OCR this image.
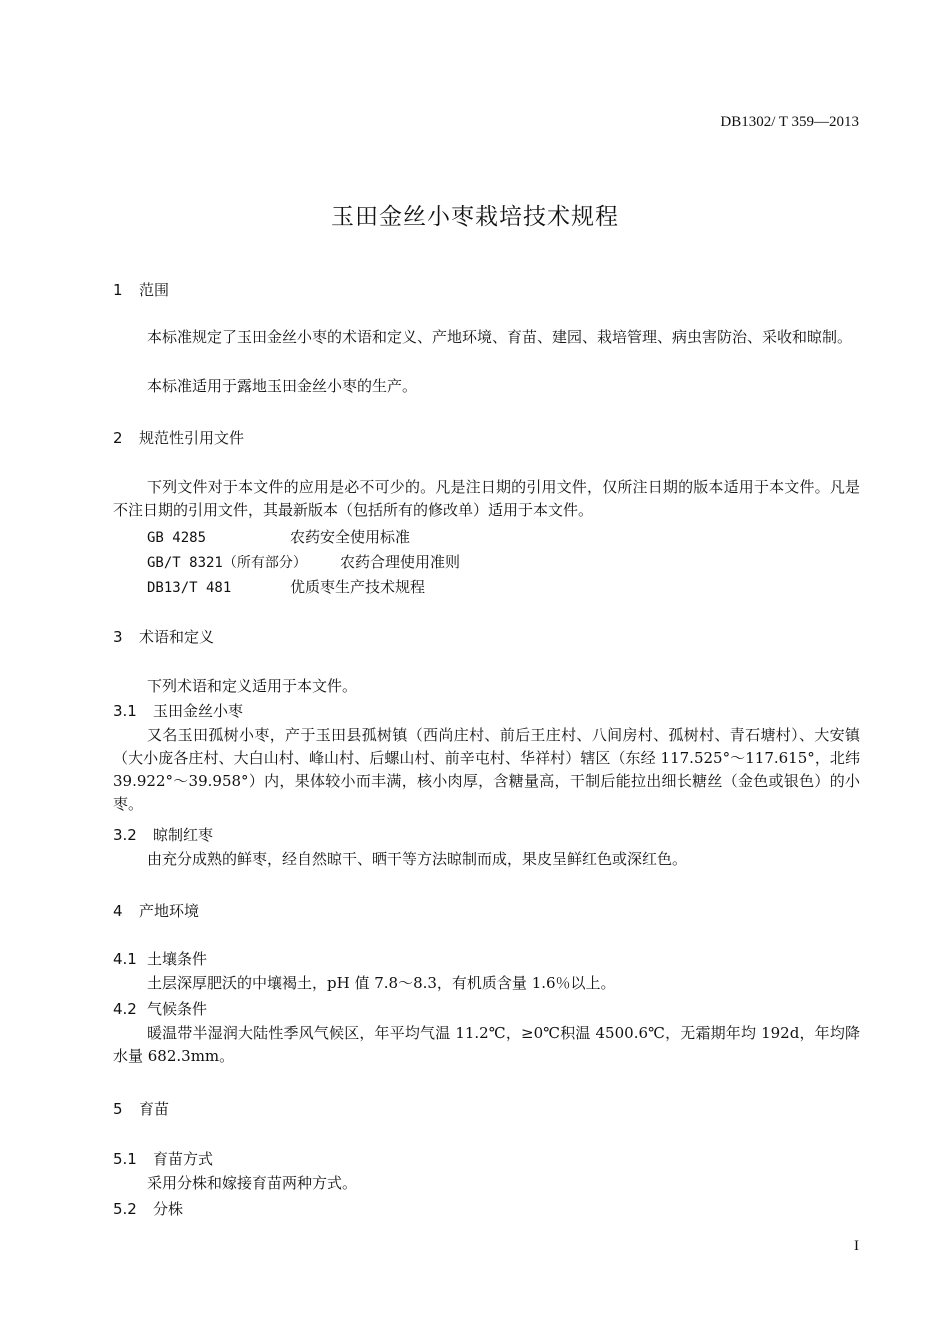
DB1302/ T 359—2013
玉田金丝小枣栽培技术规程
1 范围
本标准规定了玉田金丝小枣的术语和定义、产地环境、育苗、建园、栽培管理、病虫害防治、采收和晾制。
本标准适用于露地玉田金丝小枣的生产。
2 规范性引用文件
下列文件对于本文件的应用是必不可少的。凡是注日期的引用文件，仅所注日期的版本适用于本文件。凡是不注日期的引用文件，其最新版本（包括所有的修改单）适用于本文件。
GB 4285	农药安全使用标准
GB/T 8321（所有部分） 农药合理使用准则
DB13/T 481	优质枣生产技术规程
3 术语和定义
下列术语和定义适用于本文件。
3.1 玉田金丝小枣
又名玉田孤树小枣，产于玉田县孤树镇（西尚庄村、前后王庄村、八间房村、孤树村、青石塘村）、大安镇（大小庞各庄村、大白山村、峰山村、后螺山村、前辛屯村、华祥村）辖区（东经 117.525°～117.615°，北纬 39.922°～39.958°）内，果体较小而丰满，核小肉厚，含糖量高，干制后能拉出细长糖丝（金色或银色）的小枣。
3.2 晾制红枣
由充分成熟的鲜枣，经自然晾干、晒干等方法晾制而成，果皮呈鲜红色或深红色。
4 产地环境
4.1 土壤条件
土层深厚肥沃的中壤褐土，pH 值 7.8～8.3，有机质含量 1.6％以上。
4.2 气候条件
暖温带半湿润大陆性季风气候区，年平均气温 11.2℃，≥0℃积温 4500.6℃，无霜期年均 192d，年均降水量 682.3mm。
5 育苗
5.1 育苗方式
采用分株和嫁接育苗两种方式。
5.2 分株
I
